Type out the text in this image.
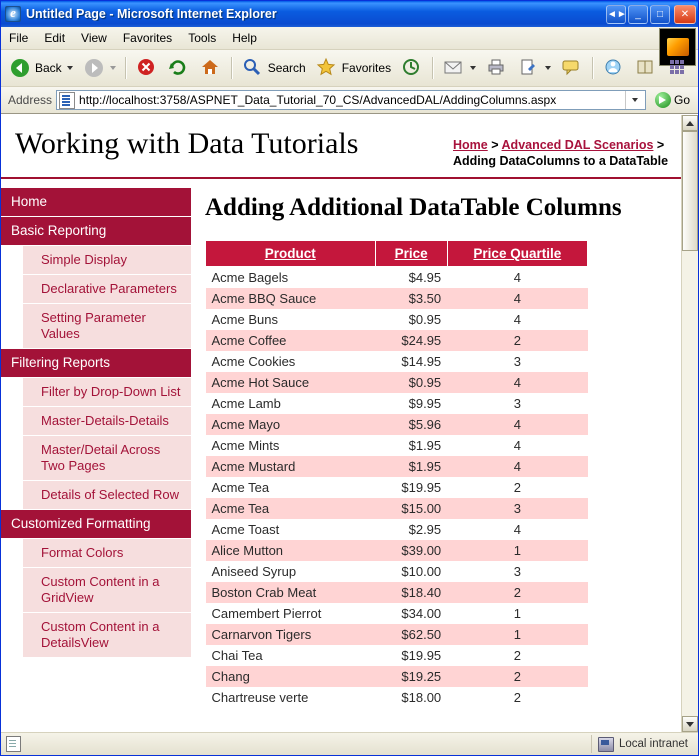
e
Untitled Page - Microsoft Internet Explorer	◄► _	□	✕
File	Edit	View	Favorites	Tools	Help
Back	Search	Favorites
Address http://localhost:3758/ASPNET_Data_Tutorial_70_CS/AdvancedDAL/AddingColumns.aspx	Go
Working with Data Tutorials	Home > Advanced DAL Scenarios > Adding DataColumns to a DataTable
Home
Basic Reporting
Simple Display
Declarative Parameters
Setting Parameter Values
Filtering Reports
Filter by Drop-Down List
Master-Details-Details
Master/Detail Across Two Pages
Details of Selected Row
Customized Formatting
Format Colors
Custom Content in a GridView
Custom Content in a DetailsView
Adding Additional DataTable Columns
Product	Price	Price Quartile
Acme Bagels	$4.95	4
Acme BBQ Sauce	$3.50	4
Acme Buns	$0.95	4
Acme Coffee	$24.95	2
Acme Cookies	$14.95	3
Acme Hot Sauce	$0.95	4
Acme Lamb	$9.95	3
Acme Mayo	$5.96	4
Acme Mints	$1.95	4
Acme Mustard	$1.95	4
Acme Tea	$19.95	2
Acme Tea	$15.00	3
Acme Toast	$2.95	4
Alice Mutton	$39.00	1
Aniseed Syrup	$10.00	3
Boston Crab Meat	$18.40	2
Camembert Pierrot	$34.00	1
Carnarvon Tigers	$62.50	1
Chai Tea	$19.95	2
Chang	$19.25	2
Chartreuse verte	$18.00	2
Local intranet
